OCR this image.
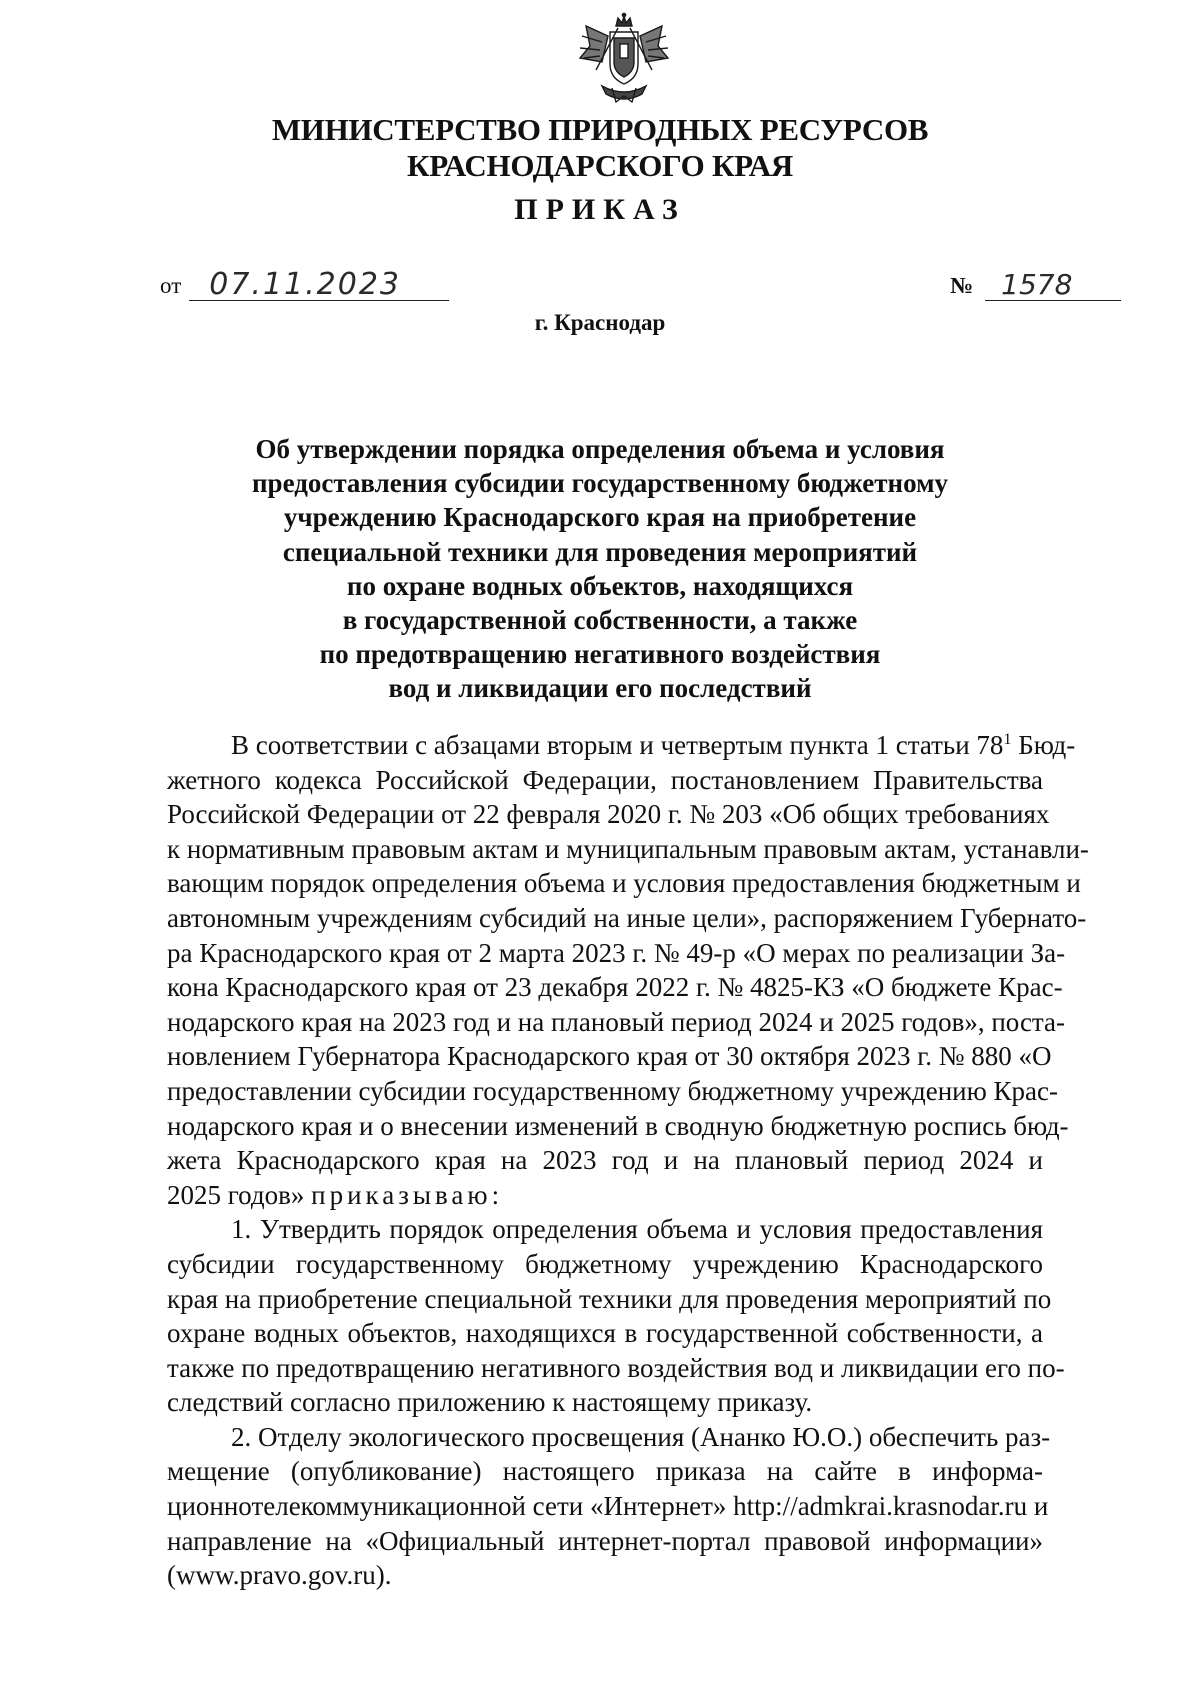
МИНИСТЕРСТВО ПРИРОДНЫХ РЕСУРСОВ
КРАСНОДАРСКОГО КРАЯ
ПРИКАЗ
от 07.11.2023	№ 1578
г. Краснодар
Об утверждении порядка определения объема и условия
предоставления субсидии государственному бюджетному
учреждению Краснодарского края на приобретение
специальной техники для проведения мероприятий
по охране водных объектов, находящихся
в государственной собственности, а также
по предотвращению негативного воздействия
вод и ликвидации его последствий
В соответствии с абзацами вторым и четвертым пункта 1 статьи $78^1$ Бюд-
жетного кодекса Российской Федерации, постановлением Правительства
Российской Федерации от 22 февраля 2020 г. № 203 «Об общих требованиях
к нормативным правовым актам и муниципальным правовым актам, устанавли-
вающим порядок определения объема и условия предоставления бюджетным и
автономным учреждениям субсидий на иные цели», распоряжением Губернато-
ра Краснодарского края от 2 марта 2023 г. № 49-р «О мерах по реализации За-
кона Краснодарского края от 23 декабря 2022 г. № 4825-КЗ «О бюджете Крас-
нодарского края на 2023 год и на плановый период 2024 и 2025 годов», поста-
новлением Губернатора Краснодарского края от 30 октября 2023 г. № 880 «О
предоставлении субсидии государственному бюджетному учреждению Крас-
нодарского края и о внесении изменений в сводную бюджетную роспись бюд-
жета Краснодарского края на 2023 год и на плановый период 2024 и
2025 годов» приказываю:
1. Утвердить порядок определения объема и условия предоставления
субсидии государственному бюджетному учреждению Краснодарского
края на приобретение специальной техники для проведения мероприятий по
охране водных объектов, находящихся в государственной собственности, а
также по предотвращению негативного воздействия вод и ликвидации его по-
следствий согласно приложению к настоящему приказу.
2. Отделу экологического просвещения (Ананко Ю.О.) обеспечить раз-
мещение (опубликование) настоящего приказа на сайте в информа-
ционнотелекоммуникационной сети «Интернет» http://admkrai.krasnodar.ru и
направление на «Официальный интернет-портал правовой информации»
(www.pravo.gov.ru).
